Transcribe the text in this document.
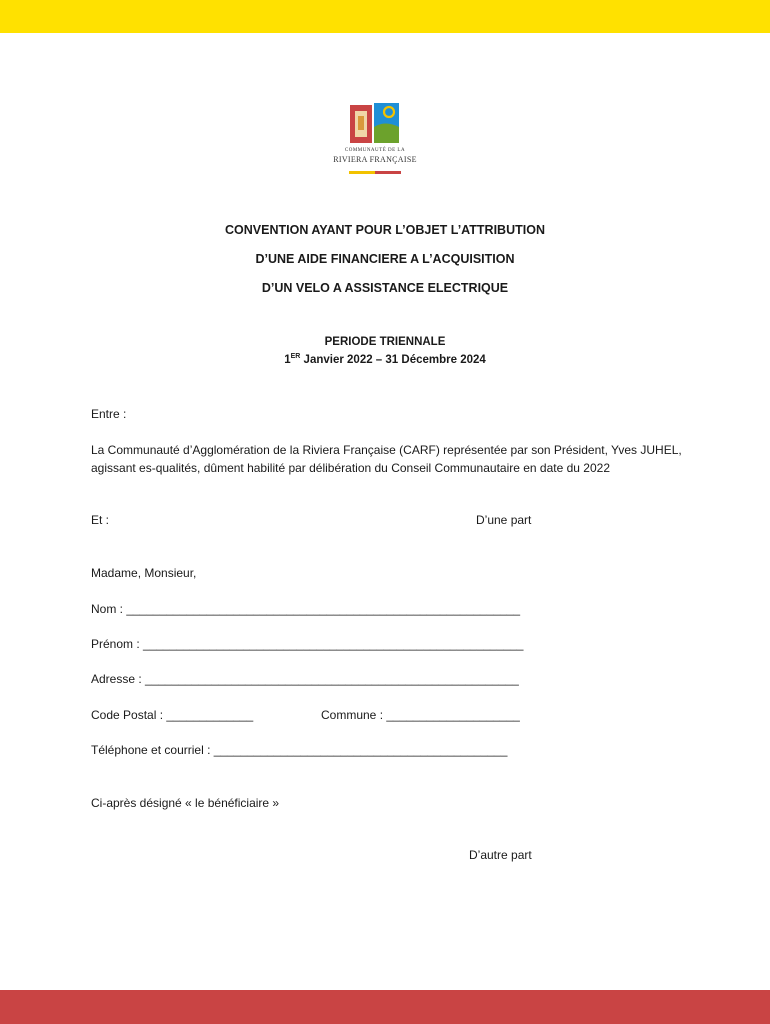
COMMUNAUTÉ DE LA
RIVIERA FRANÇAISE
CONVENTION AYANT POUR L’OBJET L’ATTRIBUTION
D’UNE AIDE FINANCIERE A L’ACQUISITION
D’UN VELO A ASSISTANCE ELECTRIQUE
PERIODE TRIENNALE
1ER Janvier 2022 – 31 Décembre 2024
Entre :
La Communauté d’Agglomération de la Riviera Française (CARF) représentée par son Président, Yves JUHEL, agissant es-qualités, dûment habilité par délibération du Conseil Communautaire en date du 2022
Et :	D’une part
Madame, Monsieur,
Nom : ___________________________________________________________
Prénom : _________________________________________________________
Adresse : ________________________________________________________
Code Postal : _____________	Commune : ____________________
Téléphone et courriel : ____________________________________________
Ci-après désigné « le bénéficiaire »
D’autre part
